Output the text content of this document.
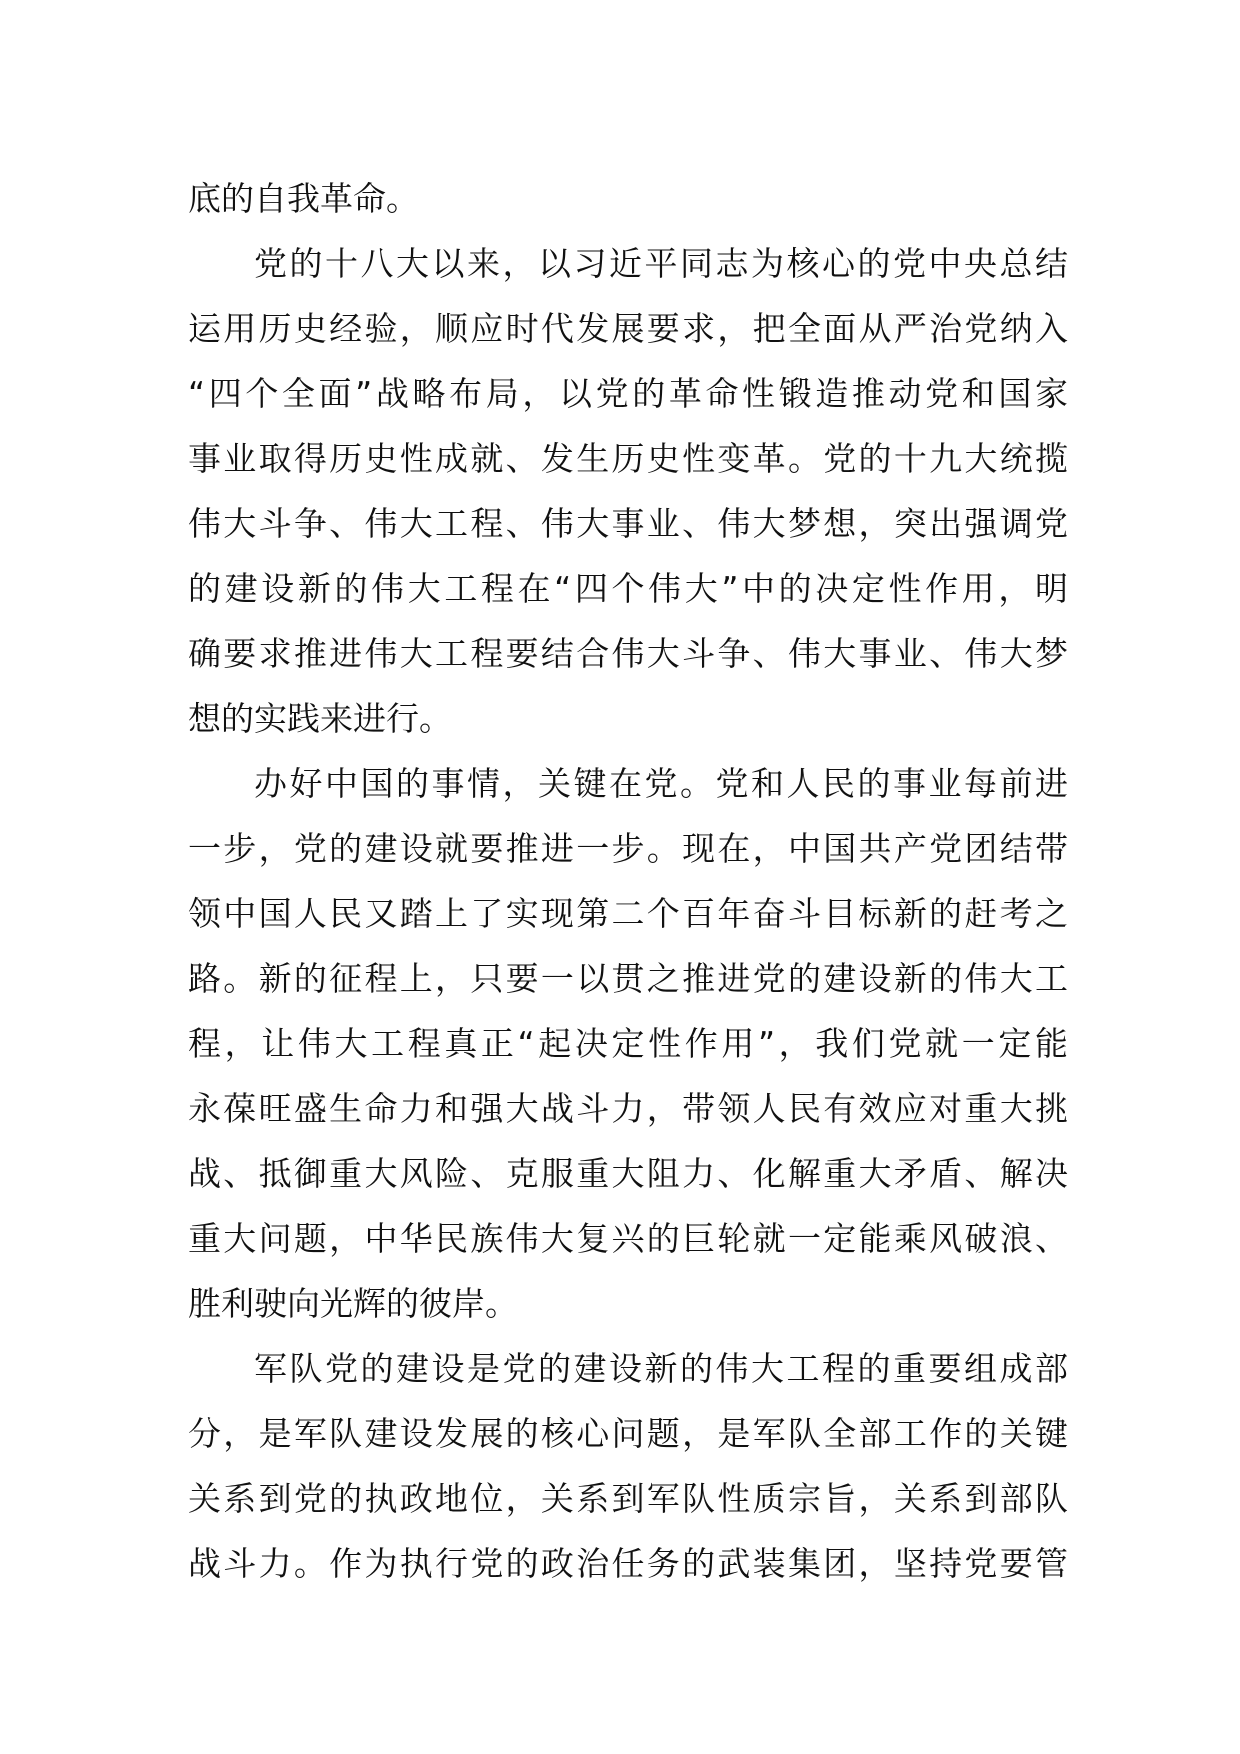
底的自我革命。
党的十八大以来，以习近平同志为核心的党中央总结
运用历史经验，顺应时代发展要求，把全面从严治党纳入
“四个全面”战略布局，以党的革命性锻造推动党和国家
事业取得历史性成就、发生历史性变革。党的十九大统揽
伟大斗争、伟大工程、伟大事业、伟大梦想，突出强调党
的建设新的伟大工程在“四个伟大”中的决定性作用，明
确要求推进伟大工程要结合伟大斗争、伟大事业、伟大梦
想的实践来进行。
办好中国的事情，关键在党。党和人民的事业每前进
一步，党的建设就要推进一步。现在，中国共产党团结带
领中国人民又踏上了实现第二个百年奋斗目标新的赶考之
路。新的征程上，只要一以贯之推进党的建设新的伟大工
程，让伟大工程真正“起决定性作用”，我们党就一定能
永葆旺盛生命力和强大战斗力，带领人民有效应对重大挑
战、抵御重大风险、克服重大阻力、化解重大矛盾、解决
重大问题，中华民族伟大复兴的巨轮就一定能乘风破浪、
胜利驶向光辉的彼岸。
军队党的建设是党的建设新的伟大工程的重要组成部
分，是军队建设发展的核心问题，是军队全部工作的关键
关系到党的执政地位，关系到军队性质宗旨，关系到部队
战斗力。作为执行党的政治任务的武装集团，坚持党要管
